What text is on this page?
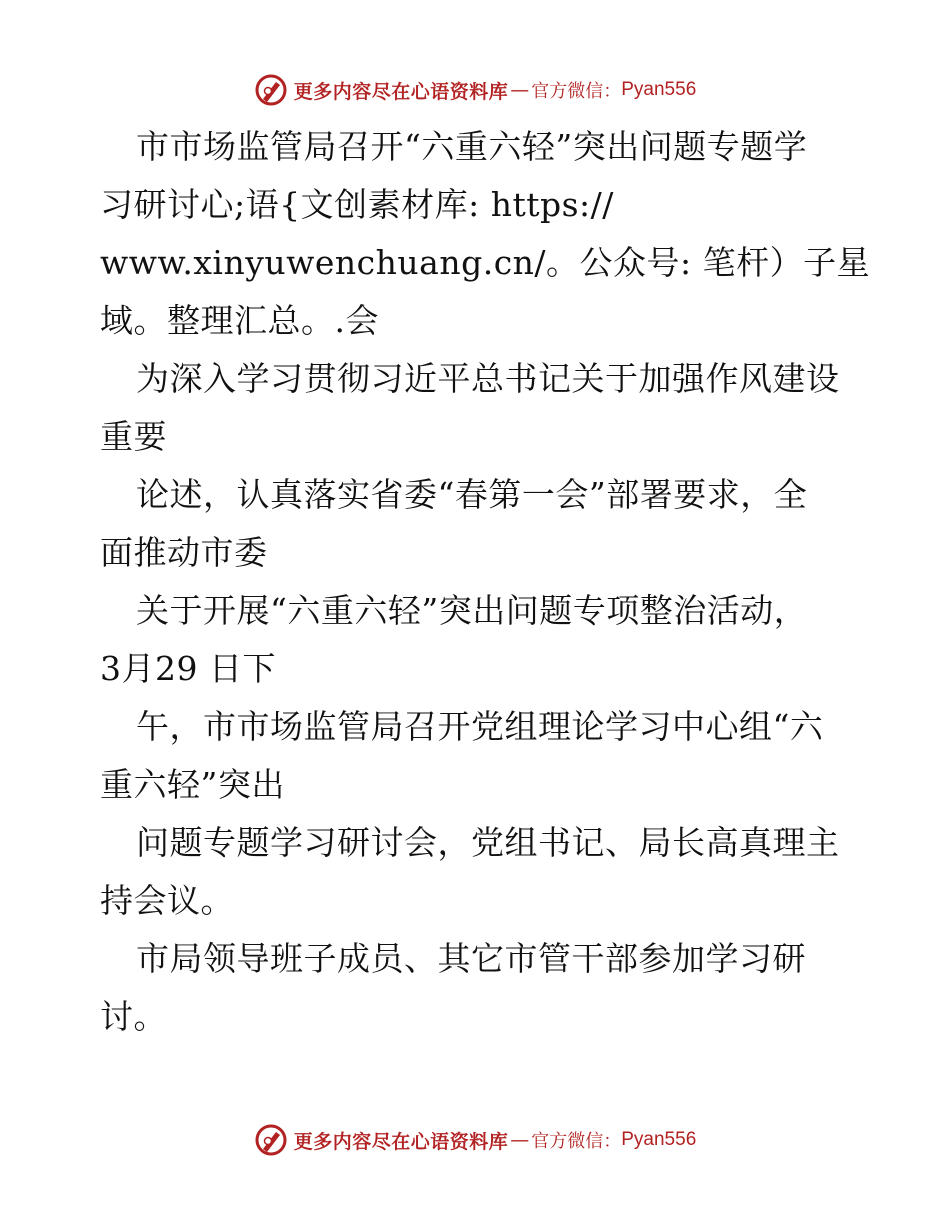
更多内容尽在心语资料库 — 官方微信： Pyan556
市市场监管局召开“六重六轻”突出问题专题学
习研讨心;语{文创素材库: https://
www.xinyuwenchuang.cn/。公众号: 笔杆）子星
域。整理汇总。.会
为深入学习贯彻习近平总书记关于加强作风建设
重要
论述，认真落实省委“春第一会”部署要求，全
面推动市委
关于开展“六重六轻”突出问题专项整治活动，
3月29 日下
午，市市场监管局召开党组理论学习中心组“六
重六轻”突出
问题专题学习研讨会，党组书记、局长高真理主
持会议。
市局领导班子成员、其它市管干部参加学习研
讨。
更多内容尽在心语资料库 — 官方微信： Pyan556
